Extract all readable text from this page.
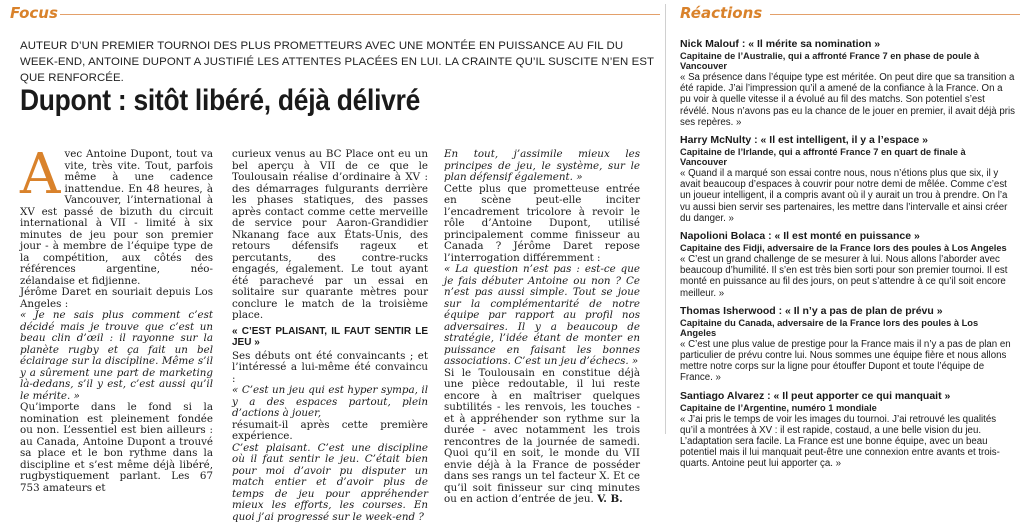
Focus	Réactions
AUTEUR D’UN PREMIER TOURNOI DES PLUS PROMETTEURS AVEC UNE MONTÉE EN PUISSANCE AU FIL DU WEEK-END, ANTOINE DUPONT A JUSTIFIÉ LES ATTENTES PLACÉES EN LUI. LA CRAINTE QU’IL SUSCITE N’EN EST QUE RENFORCÉE.
Dupont : sitôt libéré, déjà délivré
A vec Antoine Dupont, tout va vite, très vite. Tout, parfois même à une cadence inattendue. En 48 heures, à Vancouver, l’international à XV est passé de bizuth du circuit international à VII - limité à six minutes de jeu pour son premier jour - à membre de l’équipe type de la compétition, aux côtés des références argentine, néo-zélandaise et fidjienne.

Jérôme Daret en souriait depuis Los Angeles :

« Je ne sais plus comment c’est décidé mais je trouve que c’est un beau clin d’œil : il rayonne sur la planète rugby et ça fait un bel éclairage sur la discipline. Même s’il y a sûrement une part de marketing là-dedans, s’il y est, c’est aussi qu’il le mérite. »

Qu’importe dans le fond si la nomination est pleinement fondée ou non. L’essentiel est bien ailleurs : au Canada, Antoine Dupont a trouvé sa place et le bon rythme dans la discipline et s’est même déjà libéré, rugbystiquement parlant. Les 67 753 amateurs et

curieux venus au BC Place ont eu un bel aperçu à VII de ce que le Toulousain réalise d’ordinaire à XV : des démarrages fulgurants derrière les phases statiques, des passes après contact comme cette merveille de service pour Aaron-Grandidier Nkanang face aux États-Unis, des retours défensifs rageux et percutants, des contre-rucks engagés, également. Le tout ayant été parachevé par un essai en solitaire sur quarante mètres pour conclure le match de la troisième place.

« C’EST PLAISANT, IL FAUT SENTIR LE JEU »

Ses débuts ont été convaincants ; et l’intéressé a lui-même été convaincu :

« C’est un jeu qui est hyper sympa, il y a des espaces partout, plein d’actions à jouer,

résumait-il après cette première expérience.

C’est plaisant. C’est une discipline où il faut sentir le jeu. C’était bien pour moi d’avoir pu disputer un match entier et d’avoir plus de temps de jeu pour appréhender mieux les efforts, les courses. En quoi j’ai progressé sur le week-end ?

En tout, j’assimile mieux les principes de jeu, le système, sur le plan défensif également. »

Cette plus que prometteuse entrée en scène peut-elle inciter l’encadrement tricolore à revoir le rôle d’Antoine Dupont, utilisé principalement comme finisseur au Canada ? Jérôme Daret repose l’interrogation différemment :

« La question n’est pas : est-ce que je fais débuter Antoine ou non ? Ce n’est pas aussi simple. Tout se joue sur la complémentarité de notre équipe par rapport au profil nos adversaires. Il y a beaucoup de stratégie, l’idée étant de monter en puissance en faisant les bonnes associations. C’est un jeu d’échecs. »

Si le Toulousain en constitue déjà une pièce redoutable, il lui reste encore à en maîtriser quelques subtilités - les renvois, les touches - et à appréhender son rythme sur la durée - avec notamment les trois rencontres de la journée de samedi. Quoi qu’il en soit, le monde du VII envie déjà à la France de posséder dans ses rangs un tel facteur X. Et ce qu’il soit finisseur sur cinq minutes ou en action d’entrée de jeu. V. B.

Nick Malouf : « Il mérite sa nomination »
Capitaine de l’Australie, qui a affronté France 7 en phase de poule à Vancouver
« Sa présence dans l’équipe type est méritée. On peut dire que sa transition a été rapide. J’ai l’impression qu’il a amené de la confiance à la France. On a pu voir à quelle vitesse il a évolué au fil des matchs. Son potentiel s’est révélé. Nous n’avons pas eu la chance de le jouer en premier, il avait déjà pris ses repères. »
Harry McNulty : « Il est intelligent, il y a l’espace »
Capitaine de l’Irlande, qui a affronté France 7 en quart de finale à Vancouver
« Quand il a marqué son essai contre nous, nous n’étions plus que six, il y avait beaucoup d’espaces à couvrir pour notre demi de mêlée. Comme c’est un joueur intelligent, il a compris avant où il y aurait un trou à prendre. On l’a vu aussi bien servir ses partenaires, les mettre dans l’intervalle et ainsi créer du danger. »
Napolioni Bolaca : « Il est monté en puissance »
Capitaine des Fidji, adversaire de la France lors des poules à Los Angeles
« C’est un grand challenge de se mesurer à lui. Nous allons l’aborder avec beaucoup d’humilité. Il s’en est très bien sorti pour son premier tournoi. Il est monté en puissance au fil des jours, on peut s’attendre à ce qu’il soit encore meilleur. »
Thomas Isherwood : « Il n’y a pas de plan de prévu »
Capitaine du Canada, adversaire de la France lors des poules à Los Angeles
« C’est une plus value de prestige pour la France mais il n’y a pas de plan en particulier de prévu contre lui. Nous sommes une équipe fière et nous allons mettre notre corps sur la ligne pour étouffer Dupont et toute l’équipe de France. »
Santiago Alvarez : « Il peut apporter ce qui manquait »
Capitaine de l’Argentine, numéro 1 mondiale
« J’ai pris le temps de voir les images du tournoi. J’ai retrouvé les qualités qu’il a montrées à XV : il est rapide, costaud, a une belle vision du jeu. L’adaptation sera facile. La France est une bonne équipe, avec un beau potentiel mais il lui manquait peut-être une connexion entre avants et trois-quarts. Antoine peut lui apporter ça. »
